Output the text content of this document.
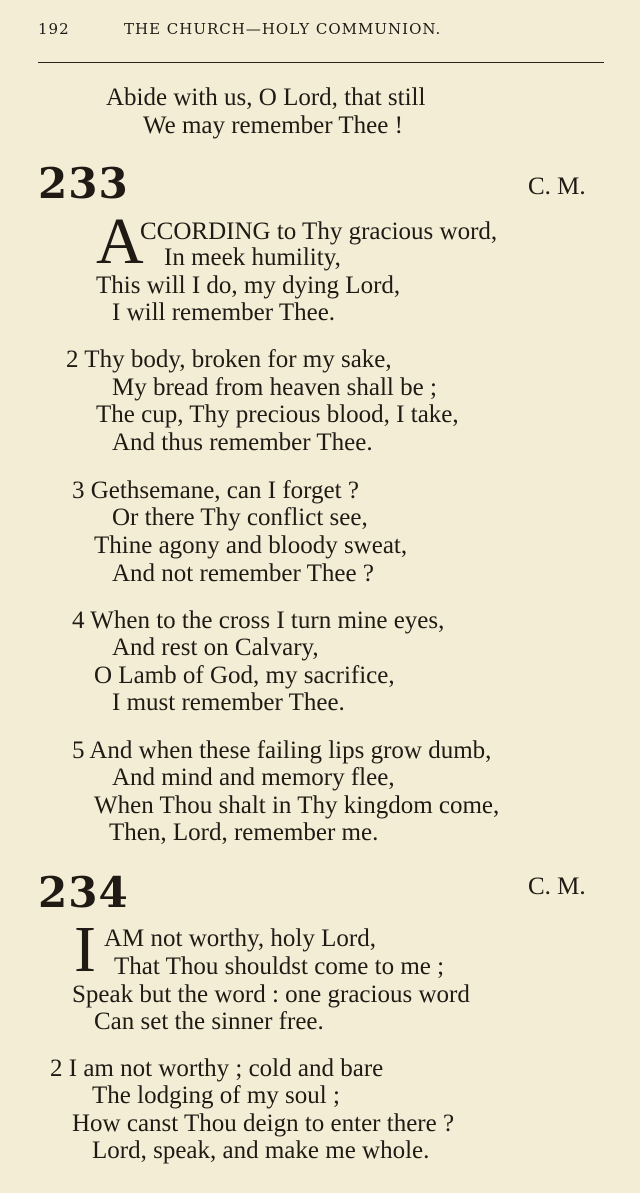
192	THE CHURCH—HOLY COMMUNION.
Abide with us, O Lord, that still
We may remember Thee !
233	C. M.
A
CCORDING to Thy gracious word,
In meek humility,
This will I do, my dying Lord,
I will remember Thee.
2 Thy body, broken for my sake,
My bread from heaven shall be ;
The cup, Thy precious blood, I take,
And thus remember Thee.
3 Gethsemane, can I forget ?
Or there Thy conflict see,
Thine agony and bloody sweat,
And not remember Thee ?
4 When to the cross I turn mine eyes,
And rest on Calvary,
O Lamb of God, my sacrifice,
I must remember Thee.
5 And when these failing lips grow dumb,
And mind and memory flee,
When Thou shalt in Thy kingdom come,
Then, Lord, remember me.
234	C. M.
I AM not worthy, holy Lord,
That Thou shouldst come to me ;
Speak but the word : one gracious word
Can set the sinner free.
2 I am not worthy ; cold and bare
The lodging of my soul ;
How canst Thou deign to enter there ?
Lord, speak, and make me whole.
